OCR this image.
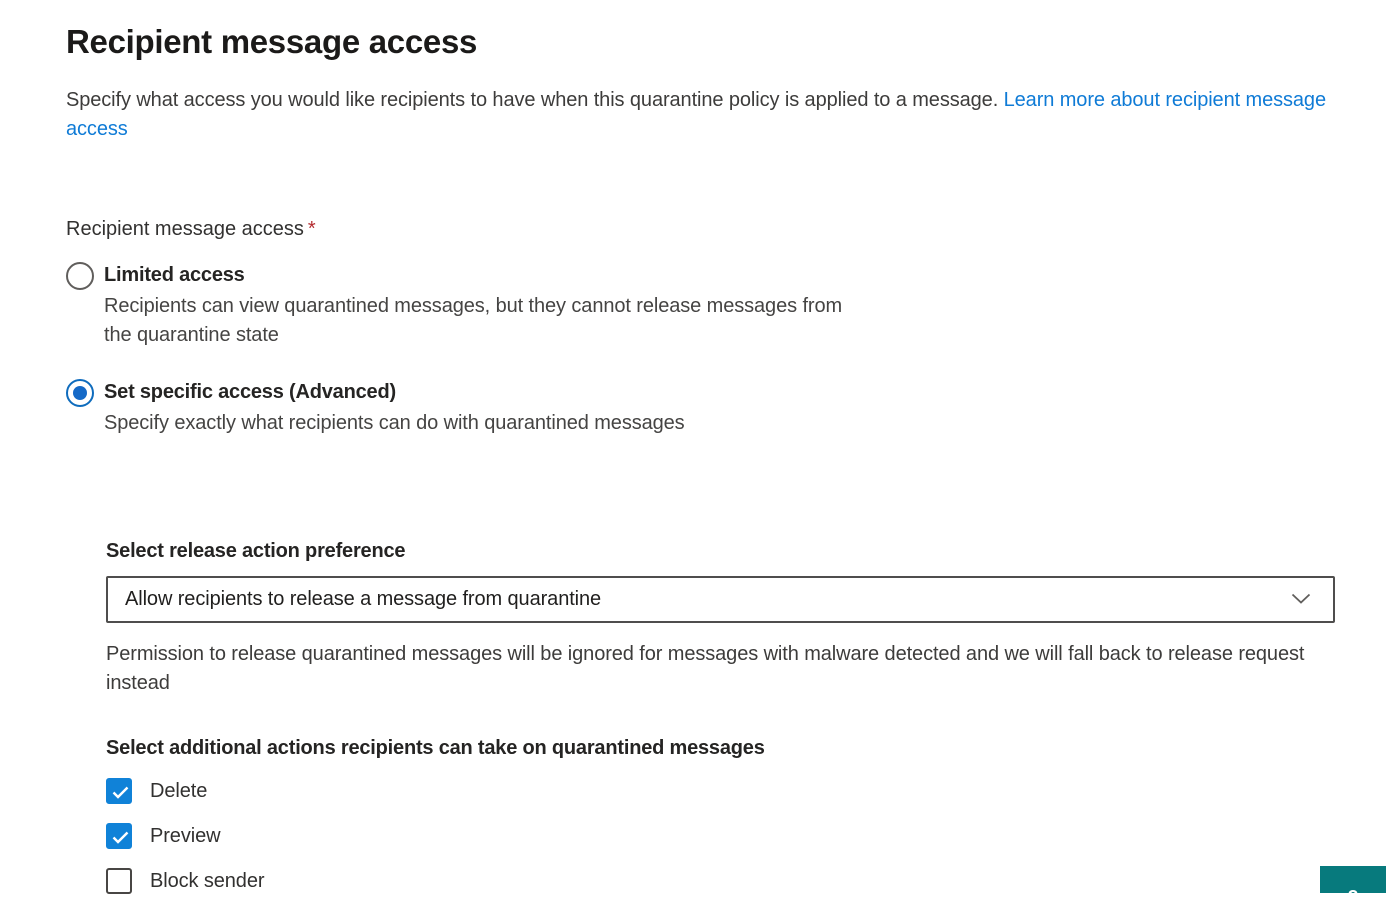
Recipient message access
Specify what access you would like recipients to have when this quarantine policy is applied to a message. Learn more about recipient message access
Recipient message access *
Limited access
Recipients can view quarantined messages, but they cannot release messages from the quarantine state
Set specific access (Advanced)
Specify exactly what recipients can do with quarantined messages
Select release action preference
Allow recipients to release a message from quarantine
Permission to release quarantined messages will be ignored for messages with malware detected and we will fall back to release request instead
Select additional actions recipients can take on quarantined messages
Delete
Preview
Block sender
?
